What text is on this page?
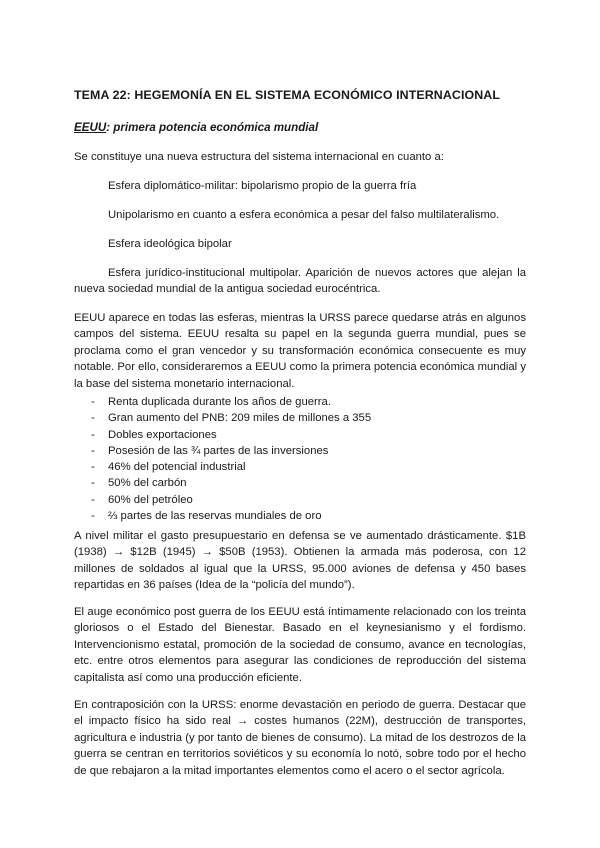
TEMA 22: HEGEMONÍA EN EL SISTEMA ECONÓMICO INTERNACIONAL
EEUU: primera potencia económica mundial

Se constituye una nueva estructura del sistema internacional en cuanto a:

Esfera diplomático-militar: bipolarismo propio de la guerra fría
Unipolarismo en cuanto a esfera económica a pesar del falso multilateralismo.
Esfera ideológica bipolar

Esfera jurídico-institucional multipolar. Aparición de nuevos actores que alejan la nueva sociedad mundial de la antigua sociedad eurocéntrica.

EEUU aparece en todas las esferas, mientras la URSS parece quedarse atrás en algunos campos del sistema. EEUU resalta su papel en la segunda guerra mundial, pues se proclama como el gran vencedor y su transformación económica consecuente es muy notable. Por ello, consideraremos a EEUU como la primera potencia económica mundial y la base del sistema monetario internacional.

- Renta duplicada durante los años de guerra.
- Gran aumento del PNB: 209 miles de millones a 355
- Dobles exportaciones
- Posesión de las ¾ partes de las inversiones
- 46% del potencial industrial
- 50% del carbón
- 60% del petróleo
- ⅔ partes de las reservas mundiales de oro

A nivel militar el gasto presupuestario en defensa se ve aumentado drásticamente. $1B (1938) → $12B (1945) → $50B (1953). Obtienen la armada más poderosa, con 12 millones de soldados al igual que la URSS, 95.000 aviones de defensa y 450 bases repartidas en 36 países (Idea de la “policía del mundo”).

El auge económico post guerra de los EEUU está íntimamente relacionado con los treinta gloriosos o el Estado del Bienestar. Basado en el keynesianismo y el fordismo. Intervencionismo estatal, promoción de la sociedad de consumo, avance en tecnologías, etc. entre otros elementos para asegurar las condiciones de reproducción del sistema capitalista así como una producción eficiente.

En contraposición con la URSS: enorme devastación en periodo de guerra. Destacar que el impacto físico ha sido real → costes humanos (22M), destrucción de transportes, agricultura e industria (y por tanto de bienes de consumo). La mitad de los destrozos de la guerra se centran en territorios soviéticos y su economía lo notó, sobre todo por el hecho de que rebajaron a la mitad importantes elementos como el acero o el sector agrícola.
